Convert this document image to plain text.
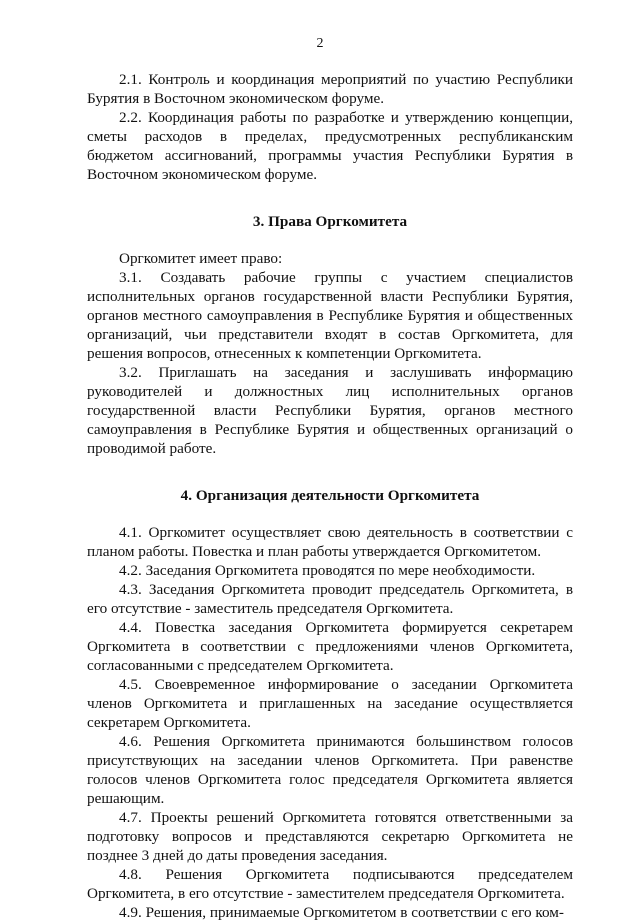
2

2.1. Контроль и координация мероприятий по участию Республики Бурятия в Восточном экономическом форуме.

2.2. Координация работы по разработке и утверждению концепции, сметы расходов в пределах, предусмотренных республиканским бюджетом ассигнований, программы участия Республики Бурятия в Восточном экономическом форуме.

3. Права Оргкомитета

Оргкомитет имеет право:

3.1. Создавать рабочие группы с участием специалистов исполнительных органов государственной власти Республики Бурятия, органов местного самоуправления в Республике Бурятия и общественных организаций, чьи представители входят в состав Оргкомитета, для решения вопросов, отнесенных к компетенции Оргкомитета.

3.2. Приглашать на заседания и заслушивать информацию руководителей и должностных лиц исполнительных органов государственной власти Республики Бурятия, органов местного самоуправления в Республике Бурятия и общественных организаций о проводимой работе.

4. Организация деятельности Оргкомитета

4.1. Оргкомитет осуществляет свою деятельность в соответствии с планом работы. Повестка и план работы утверждается Оргкомитетом.

4.2. Заседания Оргкомитета проводятся по мере необходимости.

4.3. Заседания Оргкомитета проводит председатель Оргкомитета, в его отсутствие - заместитель председателя Оргкомитета.

4.4. Повестка заседания Оргкомитета формируется секретарем Оргкомитета в соответствии с предложениями членов Оргкомитета, согласованными с председателем Оргкомитета.

4.5. Своевременное информирование о заседании Оргкомитета членов Оргкомитета и приглашенных на заседание осуществляется секретарем Оргкомитета.

4.6. Решения Оргкомитета принимаются большинством голосов присутствующих на заседании членов Оргкомитета. При равенстве голосов членов Оргкомитета голос председателя Оргкомитета является решающим.

4.7. Проекты решений Оргкомитета готовятся ответственными за подготовку вопросов и представляются секретарю Оргкомитета не позднее 3 дней до даты проведения заседания.

4.8. Решения Оргкомитета подписываются председателем Оргкомитета, в его отсутствие - заместителем председателя Оргкомитета.

4.9. Решения, принимаемые Оргкомитетом в соответствии с его ком-
